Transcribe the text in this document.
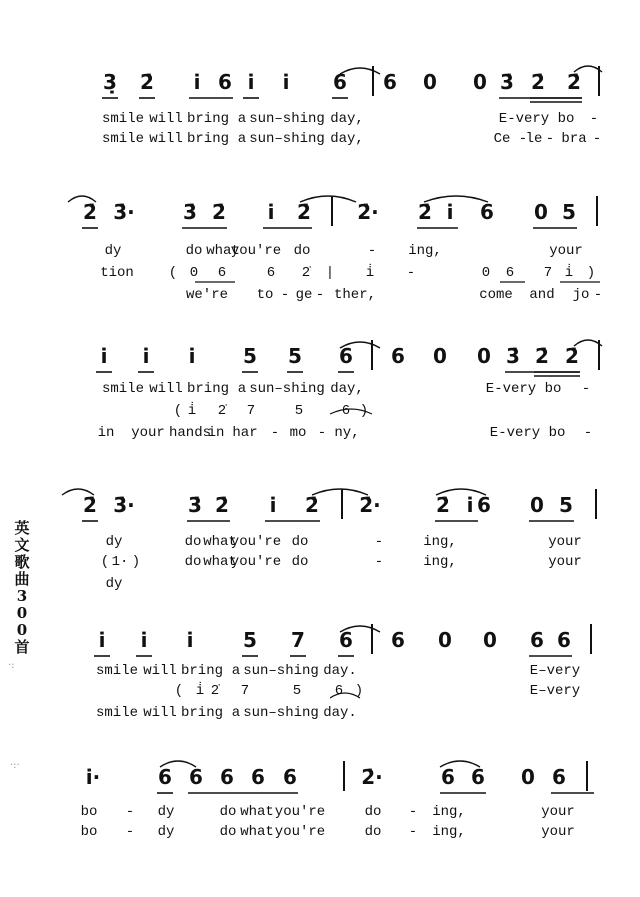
英
文
歌
曲
3
0
0
首
·:
·:·
3̣ 2̇ i̇ 6 i̇ i̇ 6 6 0 0 3̇ 2̇ 2̇
smile will bring a sun–shing day,	E-very bo -
smile will bring a sun–shing day,	Ce -
le - bra -
2̇ 3̇· 3̇ 2̇ i̇ 2̇ 2̇· 2̇ i̇ 6 0 5
dy	do what
you're do	- ing,	your
tion ( 0 6	6 2̇ | i̇ -	0 6 7 i̇ )
we're to - ge - ther,	come and jo -
i̇ i̇ i̇ 5 5 6 6 0 0 3̇ 2̇ 2̇
smile will bring a sun–shing day,	E-very bo -
( i̇ 2̇ 7	5	6 )
in your hands
in har - mo - ny,	E-very bo -
2̇ 3̇·	3̇ 2̇ i̇ 2̇ 2̇·	2̇ i̇ 6 0 5
dy	do what
you're do	-	ing,	your
( 1· )	do what
you're do	-	ing,	your
dy
i̇ i̇ i̇ 5 7 6 6 0 0 6 6
smile will bring a sun–shing day.	E–very
( i̇ 2̇ 7	5 6 )	E–very
smile will bring a sun–shing day.
i̇·	6 6 6 6 6	2̇·	6 6 0 6
bo - dy	do what you're	do - ing,	your
bo - dy	do what you're	do - ing,	your
